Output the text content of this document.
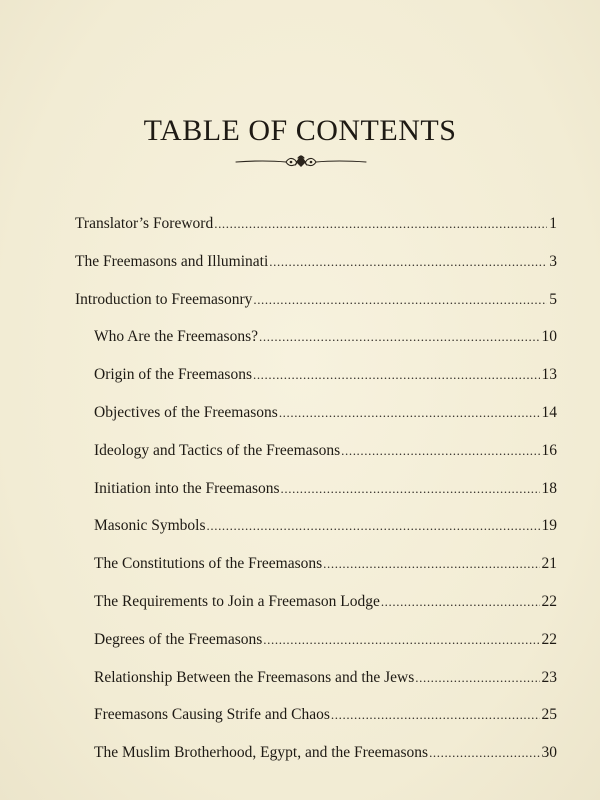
TABLE OF CONTENTS
Translator’s Foreword .....	1
The Freemasons and Illuminati .....	3
Introduction to Freemasonry .....	5
Who Are the Freemasons? .....	10
Origin of the Freemasons .....	13
Objectives of the Freemasons .....	14
Ideology and Tactics of the Freemasons .....	16
Initiation into the Freemasons .....	18
Masonic Symbols .....	19
The Constitutions of the Freemasons .....	21
The Requirements to Join a Freemason Lodge .....	22
Degrees of the Freemasons .....	22
Relationship Between the Freemasons and the Jews .....	23
Freemasons Causing Strife and Chaos .....	25
The Muslim Brotherhood, Egypt, and the Freemasons .....	30
